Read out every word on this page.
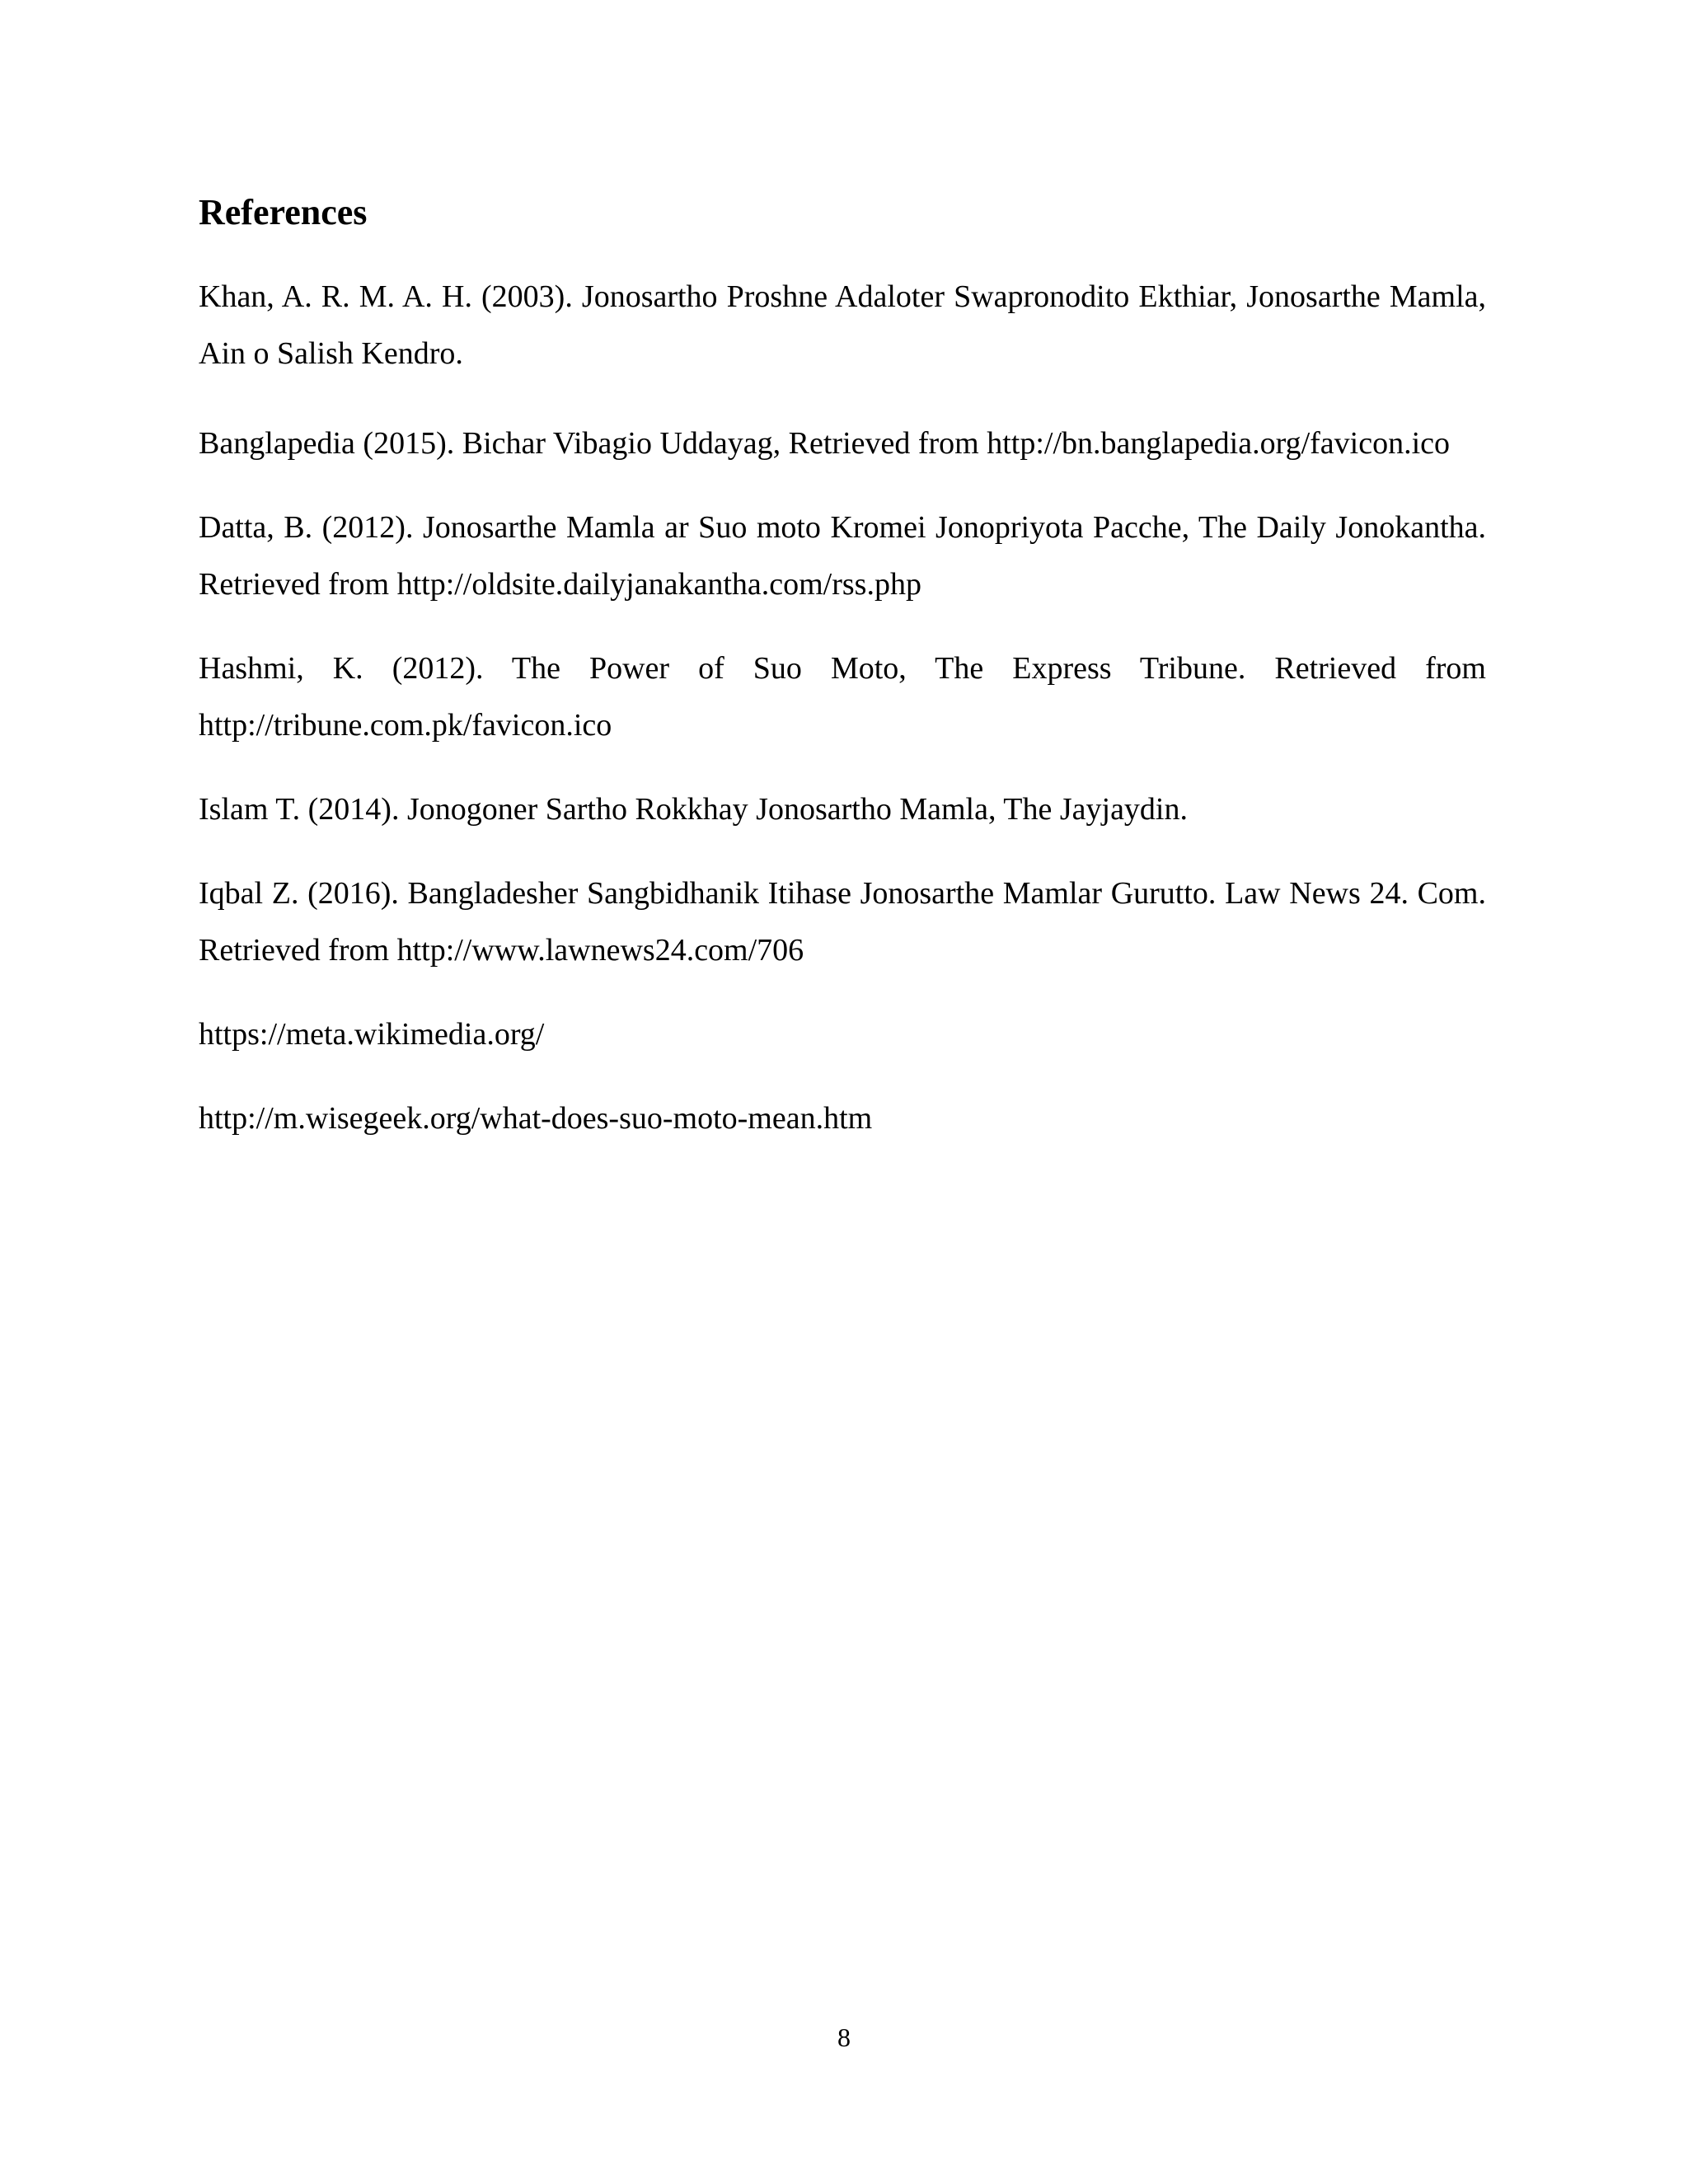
References

Khan, A. R. M. A. H. (2003). Jonosartho Proshne Adaloter Swapronodito Ekthiar, Jonosarthe Mamla, Ain o Salish Kendro.

Banglapedia (2015). Bichar Vibagio Uddayag, Retrieved from http://bn.banglapedia.org/favicon.ico

Datta, B. (2012). Jonosarthe Mamla ar Suo moto Kromei Jonopriyota Pacche, The Daily Jonokantha. Retrieved from http://oldsite.dailyjanakantha.com/rss.php

Hashmi, K. (2012). The Power of Suo Moto, The Express Tribune. Retrieved from http://tribune.com.pk/favicon.ico

Islam T. (2014). Jonogoner Sartho Rokkhay Jonosartho Mamla, The Jayjaydin.

Iqbal Z. (2016). Bangladesher Sangbidhanik Itihase Jonosarthe Mamlar Gurutto. Law News 24. Com. Retrieved from http://www.lawnews24.com/706

https://meta.wikimedia.org/

http://m.wisegeek.org/what-does-suo-moto-mean.htm

8
